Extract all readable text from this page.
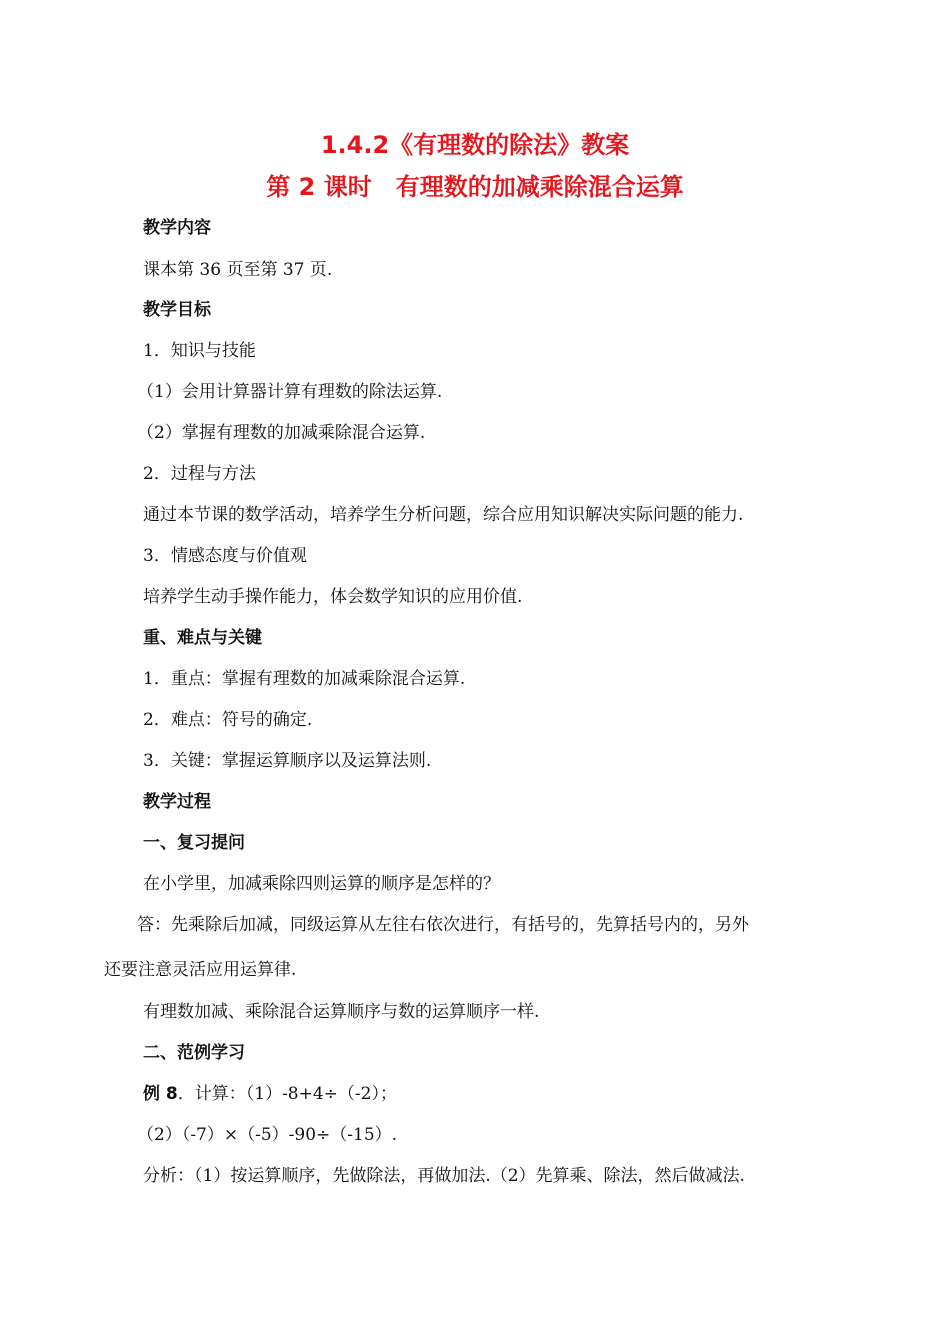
1.4.2《有理数的除法》教案
第 2 课时　有理数的加减乘除混合运算
教学内容
课本第 36 页至第 37 页.
教学目标
1．知识与技能
（1）会用计算器计算有理数的除法运算.
（2）掌握有理数的加减乘除混合运算.
2．过程与方法
通过本节课的数学活动，培养学生分析问题，综合应用知识解决实际问题的能力.
3．情感态度与价值观
培养学生动手操作能力，体会数学知识的应用价值.
重、难点与关键
1．重点：掌握有理数的加减乘除混合运算.
2．难点：符号的确定.
3．关键：掌握运算顺序以及运算法则.
教学过程
一、复习提问
在小学里，加减乘除四则运算的顺序是怎样的？
答：先乘除后加减，同级运算从左往右依次进行，有括号的，先算括号内的，另外
还要注意灵活应用运算律.
有理数加减、乘除混合运算顺序与数的运算顺序一样.
二、范例学习
例 8．计算：（1）-8+4÷（-2）；
（2）（-7）×（-5）-90÷（-15）.
分析：（1）按运算顺序，先做除法，再做加法.（2）先算乘、除法，然后做减法.
